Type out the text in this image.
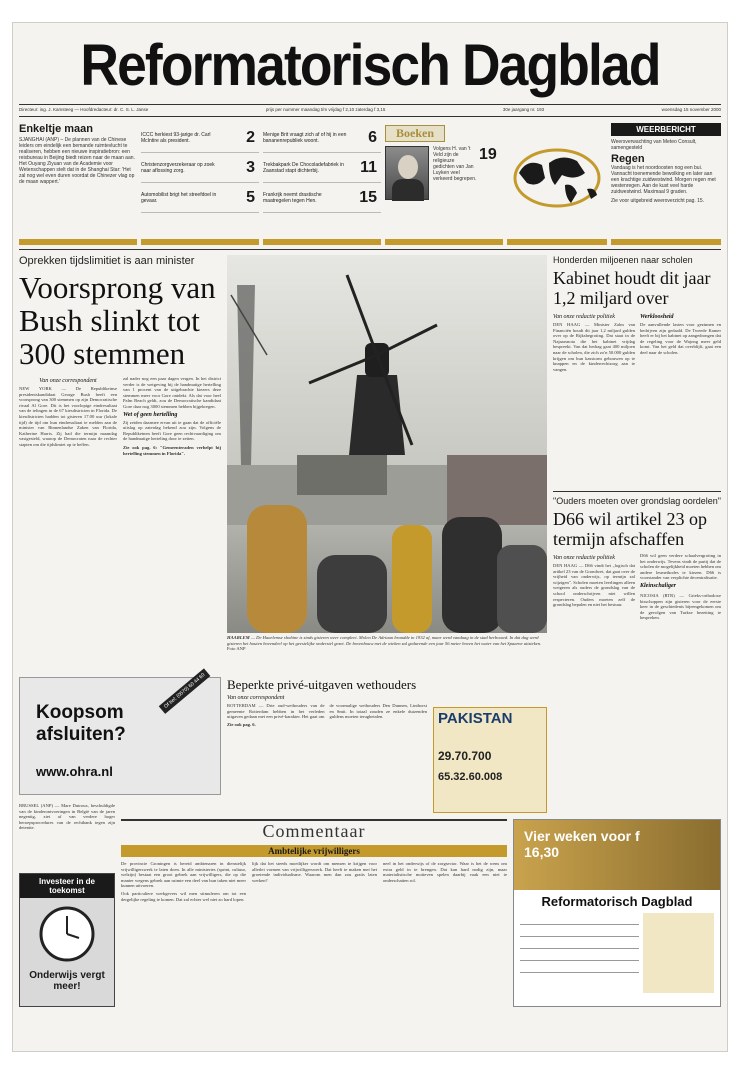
Reformatorisch Dagblad
Directeur: ing. J. Kamsteeg — Hoofdredacteur: dr. C. S. L. Janse	prijs per nummer maandag t/m vrijdag f 2,10 zaterdag f 3,15	30e jaargang nr. 193	woensdag 15 november 2000
Enkeltje maan

SJANGHAI (ANP) – De plannen van de Chinese leiders om eindelijk een bemande ruimtevlucht te realiseren, hebben een nieuwe inspiratiebron: een reisbureau in Beijing biedt reizen naar de maan aan. Het Ouyang Ziyuan van de Academie voor Wetenschappen stelt dat in de Shanghai Star: 'Het zal nog wel even duren voordat de Chinezer vlag op de maan wappert.'

ICCC herkiest 93-jarige dr. Carl McIntire als president.	2
Christenzorgverzekeraar op zoek naar aflossing zorg.	3
Automobilist brigt het streefdoel in gevaar.	5
Menige Brit vraagt zich af of hij in een bananenrepubliek woont.	6
Trekbakpark De Chocoladefabriek in Zaanstad stapt dichterbij.	11
Frankrijk neemt drastische maatregelen tegen Hen.	15
Boeken

Volgens H. van 't Veld zijn de religieuze gedichten van Jan Luyken veel verkeerd begrepen.

19
WEERBERICHT

Weersverwachting van Meteo Consult, samengesteld

Regen

Vandaag is het noordoosten nog een bui. Vannacht toenemende bewolking en later aan een krachtige zuidwestwind. Morgen regen met westenregen. Aan de kust veel harde zuidwestwind. Maximaal 9 graden.

Zie voor uitgebreid weeroverzicht pag. 15.

Oprekken tijdslimitiet is aan minister
Voorsprong van Bush slinkt tot 300 stemmen
Van onze correspondent

NEW YORK — De Republikeinse presidentskandidaat George Bush heeft een voorsprong van 300 stemmen op zijn Democratische rivaal Al Gore. Dit is het voorlopige eindresultaat van de telingen in de 67 kiesdistricten in Florida. De kiesdistricten hadden tot gisteren 17.00 uur (lokale tijd) de tijd om hun eindresultaat te melden aan de minister van Binnenlandse Zaken van Florida, Katherine Harris. Zij had die termijn maandag vastgesteld, waarop de Democraten naar de rechter stapten om die tijdslimiet op te heffen.

zal nader nog een paar dagen vergen. In het district verder is de wetgeving bij de handmatige hertelling van 1 procent van de uitgebrachte kiezers deze stemmen meer voor Gore ontdekt. Als dat voor heel Palm Beach geldt, zou de Democratische kandidaat Gore daar nog 3000 stemmen hebben bijgekregen.

Wet of geen hertelling

Zij zeiden daarmee ervan uit te gaan dat de officiële uitslag op zaterdag bekend zou zijn. Volgens de Republikeinen heeft Gore geen rechtvaardiging om de handmatige herteling door te zetten.

Zie ook pag. 6: "Gemeenteraden verhelpt bij hertelling stemmen in Florida".

HAARLEM — De Haarlemse shobine is sinds gisteren weer compleet. Molen De Adriaan brandde in 1932 af, maar werd vandaag in de stad herbouwd. In dat dag werd gisteren het houten bovendeel op het geestelijke onderstel gezet. De bovenbouw met de wieken zal gedurende een jaar 56 meter boven het water van het Spaarne uitsteken. Foto ANP

Honderden miljoenen naar scholen
Kabinet houdt dit jaar 1,2 miljard over
Van onze redactie politiek

DEN HAAG — Minister Zalm van Financiën houdt dit jaar 1,2 miljard gulden over op de Rijksbegroting. Dat staat in de Najaarsnota die het kabinet vrijdag bespreekt. Van dat bedrag gaat 400 miljoen naar de scholen, die zich zo'n 50.000 gulden krijgen om hun kasstorm gebouwen op te knappen en de kinderrechtzorg aan te vangen.

Werkloosheid

De aanvullende lasten voor gezinnen en bedrijven zijn gedaald. De Tweede Kamer heeft er bij het kabinet op aangedrongen dat de regeling voor de Wajong meer geld komt. Van het geld dat overblijft, gaat een deel naar de scholen.

"Ouders moeten over grondslag oordelen"
D66 wil artikel 23 op termijn afschaffen
Van onze redactie politiek

DEN HAAG — D66 vindt het „logisch dat artikel 23 van de Grondwet, dat gaat over de vrijheid van onderwijs, op termijn zal wijzigen". Scholen moeten leerlingen alleen weigeren als ouders de grondslag van de school onderschrijven niet willen respecteren. Ouders moeten zelf de grondslag bepalen en niet het bestuur.

D66 wil geen verdere schaalvergroting in het onderwijs. Tevens vindt de partij dat de scholen de mogelijkheid moeten hebben om andere lesmethodes te kiezen. D66 is voorstander van verplichte decentralisatie.

Kleinschaliger

NICOSIA (RTR) — Grieks-orthodoxe bisschoppen zijn gisteren voor de eerste keer in de geschiedenis bijeengekomen om de gevolgen van Turkse bezetting te bespreken.

Of bel: (0570) 60 44 60
Koopsom afsluiten?
www.ohra.nl
Beperkte privé-uitgaven wethouders
Van onze correspondent

ROTTERDAM — Drie oud-wethouders van de gemeente Rotterdam hebben in het verleden uitgaven gedaan met een privé-karakter. Het gaat om de voormalige wethouders Den Dunnen, Linthorst en Smit. In totaal zouden ze enkele duizenden guldens moeten terugbetalen.

Zie ook pag. 6.	PAKISTAN
29.70.700
65.32.60.008

BRUSSEL (ANP) — Mare Dutroux, beschuldigde van de kinderontvoeringen in België van de jaren negentig, ziet af van verdere hoger beroepsprocedures van de rechtbank tegen zijn detentie.

Investeer in de toekomst
Onderwijs vergt meer!
Commentaar
Ambtelijke vrijwilligers

De provincie Groningen is bereid ambtenaren in dienstelijk vrijwilligerswerk te laten doen. In alle ministeries (sprint, cultuur, welzijn) bestaat een groot gebrek aan vrijwilligers, die op die manier wegens gebrek aan ruimte een deel van hun taken niet meer kunnen uitvoeren.

Ook particuliere werkgevers wil men stimuleren om tot een dergelijke regeling te komen. Dat zal echter wel niet zo hard lopen.

lijk dat het steeds moeilijker wordt om mensen te krijgen voor allerlei vormen van vrijwilligerswerk. Dat heeft te maken met het groeiende individualisme. Waarom men dan zou gratis laten werken?

neel in het onderwijs of de zorgsector. Waar is het de wens om extra geld in te brengen. Dat kan hard nodig zijn, maar materialistische motieven spelen daarbij vaak een niet te onderschatten rol.

Vier weken voor f 16,30
Reformatorisch Dagblad
